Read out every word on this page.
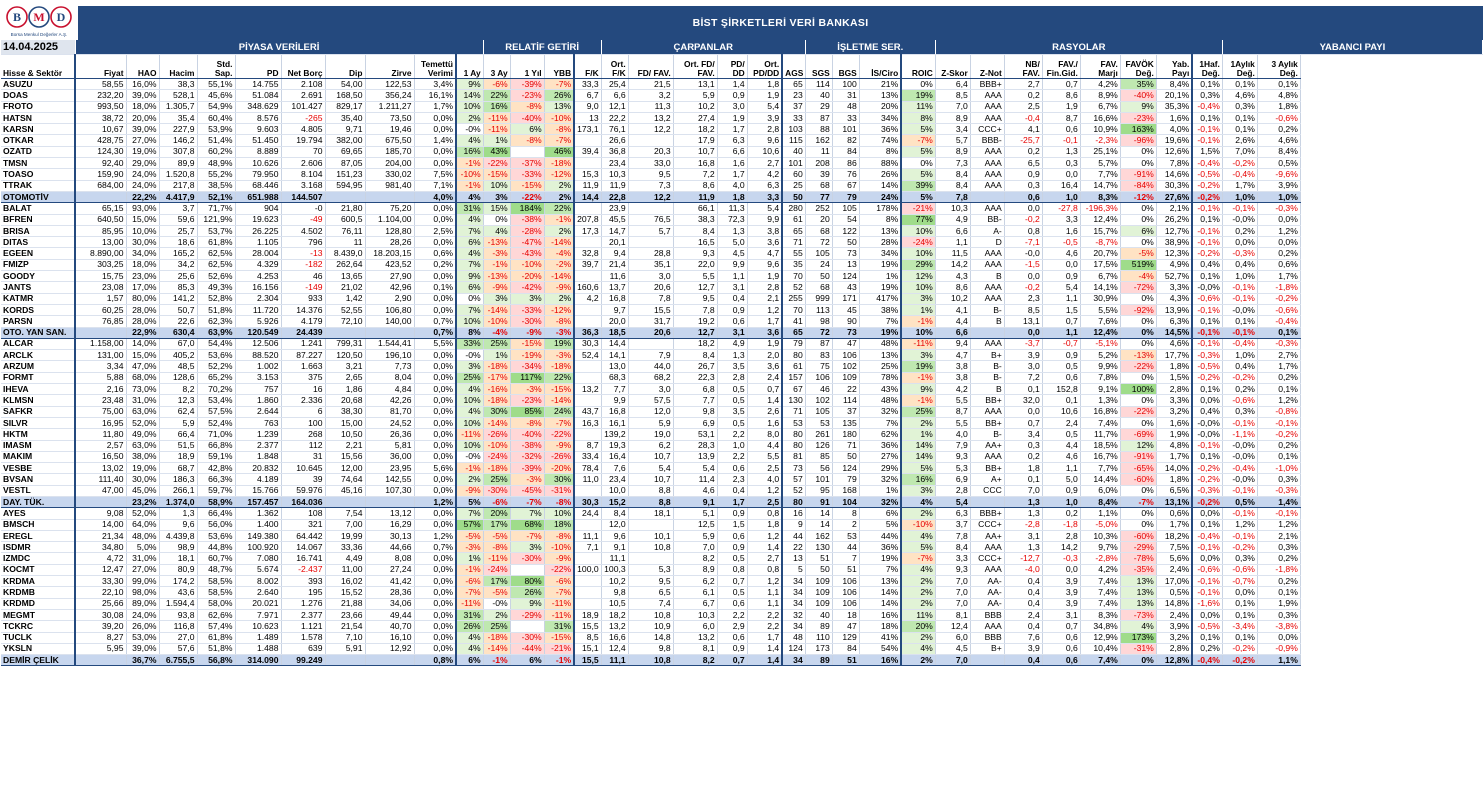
B M D
Borsa Menkul Değerler A.Ş.
BİST ŞİRKETLERİ VERİ BANKASI
14.04.2025	PİYASA VERİLERİ										RELATİF GETİRİ				ÇARPANLAR						İŞLETME SER.				RASYOLAR								YABANCI PAYI	
Hisse & Sektör	Fiyat	HAO	Hacim	Std. Sap.	PD	Net Borç	Dip	Zirve	Temettü Verimi	1 Ay	3 Ay	1 Yıl	YBB	F/K	Ort. F/K	FD/ FAV.	Ort. FD/ FAV.	PD/ DD	Ort. PD/DD	AGS	SGS	BGS	İS/Ciro	ROIC	Z-Skor	Z-Not	NB/ FAV.	FAV./ Fin.Gid.	FAV. Marjı	FAVÖK Değ.	Yab. Payı	1Haf. Değ.	1Aylık Değ.	3 Aylık Değ.
ASUZU	58,55	16,0%	38,3	55,1%	14.755	2.108	54,00	122,53	3,4%	9%	-6%	-39%	-7%	33,3	25,4	21,5	13,1	1,4	1,8	65	114	100	21%	0%	6,4	BBB+	2,7	0,7	4,2%	35%	8,4%	0,1%	0,1%	0,1%
DOAS	232,20	39,0%	528,1	45,6%	51.084	2.691	168,50	356,24	16,1%	14%	22%	-23%	26%	6,7	6,6	3,2	5,9	0,9	1,9	23	40	31	13%	19%	8,5	AAA	0,2	8,6	8,9%	-40%	20,1%	0,3%	4,6%	4,8%
FROTO	993,50	18,0%	1.305,7	54,9%	348.629	101.427	829,17	1.211,27	1,7%	10%	16%	-8%	13%	9,0	12,1	11,3	10,2	3,0	5,4	37	29	48	20%	11%	7,0	AAA	2,5	1,9	6,7%	9%	35,3%	-0,4%	0,3%	1,8%
HATSN	38,72	20,0%	35,4	60,4%	8.576	-265	35,40	73,50	0,0%	2%	-11%	-40%	-10%	13	22,2	13,2	27,4	1,9	3,9	33	87	33	34%	8%	8,9	AAA	-0,4	8,7	16,6%	-23%	1,6%	0,1%	0,1%	-0,6%
KARSN	10,67	39,0%	227,9	53,9%	9.603	4.805	9,71	19,46	0,0%	-0%	-11%	6%	-8%	173,1	76,1	12,2	18,2	1,7	2,8	103	88	101	36%	5%	3,4	CCC+	4,1	0,6	10,9%	163%	4,0%	-0,1%	0,1%	0,2%
OTKAR	428,75	27,0%	146,2	51,4%	51.450	19.794	382,00	675,50	1,4%	4%	1%	-8%	-7%		26,6		17,9	6,3	9,6	115	162	82	74%	-7%	5,7	BBB-	-25,7	-0,1	-2,3%	-96%	19,6%	-0,1%	2,6%	4,6%
OZATD	124,30	19,0%	307,8	60,2%	8.889	70	69,65	185,70	0,0%	16%	43%		46%	39,4	36,8	20,3	10,7	6,6	10,6	40	11	84	8%	5%	8,9	AAA	0,2	1,3	25,1%	0%	12,6%	1,5%	7,0%	8,4%
TMSN	92,40	29,0%	89,9	48,9%	10.626	2.606	87,05	204,00	0,0%	-1%	-22%	-37%	-18%		23,4	33,0	16,8	1,6	2,7	101	208	86	88%	0%	7,3	AAA	6,5	0,3	5,7%	0%	7,8%	-0,4%	-0,2%	0,5%
TOASO	159,90	24,0%	1.520,8	55,2%	79.950	8.104	151,23	330,02	7,5%	-10%	-15%	-33%	-12%	15,3	10,3	9,5	7,2	1,7	4,2	60	39	76	26%	5%	8,4	AAA	0,9	0,0	7,7%	-91%	14,6%	-0,5%	-0,4%	-9,6%
TTRAK	684,00	24,0%	217,8	38,5%	68.446	3.168	594,95	981,40	7,1%	-1%	10%	-15%	2%	11,9	11,9	7,3	8,6	4,0	6,3	25	68	67	14%	39%	8,4	AAA	0,3	16,4	14,7%	-84%	30,3%	-0,2%	1,7%	3,9%
OTOMOTİV		22,2%	4.417,9	52,1%	651.988	144.507			4,0%	4%	3%	-22%	2%	14,4	22,8	12,2	11,9	1,8	3,3	50	77	79	24%	5%	7,8		0,6	1,0	8,3%	-12%	27,6%	-0,2%	1,0%	1,0%
BALAT	65,15	93,0%	3,7	71,7%	904	-0	21,80	75,20	0,0%	31%	15%	184%	22%		23,9		66,1	11,3	5,4	280	252	105	178%	-21%	10,3	AAA	0,0	-27,8	-196,3%	0%	2,1%	-0,1%	-0,1%	-0,3%
BFREN	640,50	15,0%	59,6	121,9%	19.623	-49	600,5	1.104,00	0,0%	4%	0%	-38%	-1%	207,8	45,5	76,5	38,3	72,3	9,9	61	20	54	8%	77%	4,9	BB-	-0,2	3,3	12,4%	0%	26,2%	0,1%	-0,0%	0,0%
BRISA	85,95	10,0%	25,7	53,7%	26.225	4.502	76,11	128,80	2,5%	7%	4%	-28%	2%	17,3	14,7	5,7	8,4	1,3	3,8	65	68	122	13%	10%	6,6	A-	0,8	1,6	15,7%	6%	12,7%	-0,1%	0,2%	1,2%
DITAS	13,00	30,0%	18,6	61,8%	1.105	796	11	28,26	0,0%	6%	-13%	-47%	-14%		20,1		16,5	5,0	3,6	71	72	50	28%	-24%	1,1	D	-7,1	-0,5	-8,7%	0%	38,9%	-0,1%	0,0%	0,0%
EGEEN	8.890,00	34,0%	165,2	62,5%	28.004	-13	8.439,0	18.203,15	0,6%	4%	-3%	-43%	-4%	32,8	9,4	28,8	9,3	4,5	4,7	55	105	73	34%	10%	11,5	AAA	-0,0	4,6	20,7%	-5%	12,3%	-0,2%	-0,3%	0,2%
FMIZP	303,25	18,0%	34,2	62,5%	4.329	-182	262,64	423,52	0,2%	7%	-1%	-10%	-2%	39,7	21,4	35,1	22,0	9,9	9,6	35	24	13	19%	29%	14,2	AAA	-1,5	0,0	17,5%	519%	4,9%	0,4%	0,4%	0,6%
GOODY	15,75	23,0%	25,6	52,6%	4.253	46	13,65	27,90	0,0%	9%	-13%	-20%	-14%		11,6	3,0	5,5	1,1	1,9	70	50	124	1%	12%	4,3	B	0,0	0,9	6,7%	-4%	52,7%	0,1%	1,0%	1,7%
JANTS	23,08	17,0%	85,3	49,3%	16.156	-149	21,02	42,96	0,1%	6%	-9%	-42%	-9%	160,6	13,7	20,6	12,7	3,1	2,8	52	68	43	19%	10%	8,6	AAA	-0,2	5,4	14,1%	-72%	3,3%	-0,0%	-0,1%	-1,8%
KATMR	1,57	80,0%	141,2	52,8%	2.304	933	1,42	2,90	0,0%	0%	3%	3%	2%	4,2	16,8	7,8	9,5	0,4	2,1	255	999	171	417%	3%	10,2	AAA	2,3	1,1	30,9%	0%	4,3%	-0,6%	-0,1%	-0,2%
KORDS	60,25	28,0%	50,7	51,8%	11.720	14.376	52,55	106,80	0,0%	7%	-14%	-33%	-12%		9,7	15,5	7,8	0,9	1,2	70	113	45	38%	1%	4,1	B-	8,5	1,5	5,5%	-92%	13,9%	-0,1%	-0,0%	-0,6%
PARSN	76,85	28,0%	22,6	62,3%	5.926	4.179	72,10	140,00	0,7%	10%	-10%	-30%	-8%		20,0	31,7	19,2	0,6	1,7	41	98	90	7%	-1%	4,4	B	13,1	0,7	7,6%	0%	6,3%	0,1%	0,1%	-0,4%
OTO. YAN SAN.		22,9%	630,4	63,9%	120.549	24.439			0,7%	8%	-4%	-9%	-3%	36,3	18,5	20,6	12,7	3,1	3,6	65	72	73	19%	10%	6,6		0,0	1,1	12,4%	0%	14,5%	-0,1%	-0,1%	0,1%
ALCAR	1.158,00	14,0%	67,0	54,4%	12.506	1.241	799,31	1.544,41	5,5%	33%	25%	-15%	19%	30,3	14,4		18,2	4,9	1,9	79	87	47	48%	-11%	9,4	AAA	-3,7	-0,7	-5,1%	0%	4,6%	-0,1%	-0,4%	-0,3%
ARCLK	131,00	15,0%	405,2	53,6%	88.520	87.227	120,50	196,10	0,0%	-0%	1%	-19%	-3%	52,4	14,1	7,9	8,4	1,3	2,0	80	83	106	13%	3%	4,7	B+	3,9	0,9	5,2%	-13%	17,7%	-0,3%	1,0%	2,7%
ARZUM	3,34	47,0%	48,5	52,2%	1.002	1.663	3,21	7,73	0,0%	3%	-18%	-34%	-18%		13,0	44,0	26,7	3,5	3,6	61	75	102	25%	19%	3,8	B-	3,0	0,5	9,9%	-22%	1,8%	-0,5%	0,4%	1,7%
FORMT	5,88	68,0%	128,6	65,2%	3.153	375	2,65	8,04	0,0%	25%	-17%	117%	22%		68,3	68,2	22,3	2,8	2,4	157	106	109	78%	-1%	3,8	B-	7,2	0,6	7,8%	0%	1,5%	-0,2%	-0,2%	0,2%
IHEVA	2,16	73,0%	8,2	70,2%	757	16	1,86	4,84	0,0%	4%	-16%	-3%	-15%	13,2	7,7	3,0	6,8	0,5	0,7	67	46	22	43%	9%	4,2	B	0,1	152,8	9,1%	100%	2,8%	0,1%	0,2%	0,1%
KLMSN	23,48	31,0%	12,3	53,4%	1.860	2.336	20,68	42,26	0,0%	10%	-18%	-23%	-14%		9,9	57,5	7,7	0,5	1,4	130	102	114	48%	-1%	5,5	BB+	32,0	0,1	1,3%	0%	3,3%	0,0%	-0,6%	1,2%
SAFKR	75,00	63,0%	62,4	57,5%	2.644	6	38,30	81,70	0,0%	4%	30%	85%	24%	43,7	16,8	12,0	9,8	3,5	2,6	71	105	37	32%	25%	8,7	AAA	0,0	10,6	16,8%	-22%	3,2%	0,4%	0,3%	-0,8%
SILVR	16,95	52,0%	5,9	52,4%	763	100	15,00	24,52	0,0%	10%	-14%	-8%	-7%	16,3	16,1	5,9	6,9	0,5	1,6	53	53	135	7%	2%	5,5	BB+	0,7	2,4	7,4%	0%	1,6%	-0,0%	-0,1%	-0,1%
HKTM	11,80	49,0%	66,4	71,0%	1.239	268	10,50	26,36	0,0%	-11%	-26%	-40%	-22%		139,2	19,0	53,1	2,2	8,0	80	261	180	62%	1%	4,0	B-	3,4	0,5	11,7%	-69%	1,9%	-0,0%	-1,1%	-0,2%
IMASM	2,57	63,0%	51,5	66,8%	2.377	112	2,21	5,81	0,0%	10%	-10%	-38%	-9%	8,7	19,3	6,2	28,3	1,0	4,4	80	126	71	36%	14%	7,9	AA+	0,3	4,4	18,5%	12%	4,8%	-0,1%	-0,0%	0,2%
MAKIM	16,50	38,0%	18,9	59,1%	1.848	31	15,56	36,00	0,0%	-0%	-24%	-32%	-26%	33,4	16,4	10,7	13,9	2,2	5,5	81	85	50	27%	14%	9,3	AAA	0,2	4,6	16,7%	-91%	1,7%	0,1%	-0,0%	0,1%
VESBE	13,02	19,0%	68,7	42,8%	20.832	10.645	12,00	23,95	5,6%	-1%	-18%	-39%	-20%	78,4	7,6	5,4	5,4	0,6	2,5	73	56	124	29%	5%	5,3	BB+	1,8	1,1	7,7%	-65%	14,0%	-0,2%	-0,4%	-1,0%
BVSAN	111,40	30,0%	186,3	66,3%	4.189	39	74,64	142,55	0,0%	2%	25%	-3%	30%	11,0	23,4	10,7	11,4	2,3	4,0	57	101	79	32%	16%	6,9	A+	0,1	5,0	14,4%	-60%	1,8%	-0,2%	-0,0%	0,3%
VESTL	47,00	45,0%	266,1	59,7%	15.766	59.976	45,16	107,30	0,0%	-9%	-30%	-45%	-31%		10,0	8,8	4,6	0,4	1,2	52	95	168	1%	3%	2,8	CCC	7,0	0,9	6,0%	0%	6,5%	-0,3%	-0,1%	-0,3%
DAY. TÜK.		23,2%	1.374,0	58,9%	157.457	164.036			1,2%	5%	-6%	-7%	-8%	30,3	15,2	8,8	9,1	1,7	2,5	80	91	104	32%	4%	5,4		1,3	1,0	8,4%	-7%	13,1%	-0,2%	0,5%	1,4%
AYES	9,08	52,0%	1,3	66,4%	1.362	108	7,54	13,12	0,0%	7%	20%	7%	10%	24,4	8,4	18,1	5,1	0,9	0,8	16	14	8	6%	2%	6,3	BBB+	1,3	0,2	1,1%	0%	0,6%	0,0%	-0,1%	-0,1%
BMSCH	14,00	64,0%	9,6	56,0%	1.400	321	7,00	16,29	0,0%	57%	17%	68%	18%		12,0		12,5	1,5	1,8	9	14	2	5%	-10%	3,7	CCC+	-2,8	-1,8	-5,0%	0%	1,7%	0,1%	1,2%	1,2%
EREGL	21,34	48,0%	4.439,8	53,6%	149.380	64.442	19,99	30,13	1,2%	-5%	-5%	-7%	-8%	11,1	9,6	10,1	5,9	0,6	1,2	44	162	53	44%	4%	7,8	AA+	3,1	2,8	10,3%	-60%	18,2%	-0,4%	-0,1%	2,1%
ISDMR	34,80	5,0%	98,9	44,8%	100.920	14.067	33,36	44,66	0,7%	-3%	-8%	3%	-10%	7,1	9,1	10,8	7,0	0,9	1,4	22	130	44	36%	5%	8,4	AAA	1,3	14,2	9,7%	-29%	7,5%	-0,1%	-0,2%	0,3%
IZMDC	4,72	31,0%	18,1	60,7%	7.080	16.741	4,49	8,08	0,0%	1%	-11%	-30%	-9%		11,1		8,2	0,5	2,7	13	51	7	19%	-7%	3,3	CCC+	-12,7	-0,3	-2,8%	-78%	5,6%	0,0%	0,3%	0,2%
KOCMT	12,47	27,0%	80,9	48,7%	5.674	-2.437	11,00	27,24	0,0%	-1%	-24%		-22%	100,0	100,3	5,3	8,9	0,8	0,8	5	50	51	7%	4%	9,3	AAA	-4,0	0,0	4,2%	-35%	2,4%	-0,6%	-0,6%	-1,8%
KRDMA	33,30	99,0%	174,2	58,5%	8.002	393	16,02	41,42	0,0%	-6%	17%	80%	-6%		10,2	9,5	6,2	0,7	1,2	34	109	106	13%	2%	7,0	AA-	0,4	3,9	7,4%	13%	17,0%	-0,1%	-0,7%	0,2%
KRDMB	22,10	98,0%	43,6	58,5%	2.640	195	15,52	28,36	0,0%	-7%	-5%	26%	-7%		9,8	6,5	6,1	0,5	1,1	34	109	106	14%	2%	7,0	AA-	0,4	3,9	7,4%	13%	0,5%	-0,1%	0,0%	0,1%
KRDMD	25,66	89,0%	1.594,4	58,0%	20.021	1.276	21,88	34,06	0,0%	-11%	-0%	9%	-11%		10,5	7,4	6,7	0,6	1,1	34	109	106	14%	2%	7,0	AA-	0,4	3,9	7,4%	13%	14,8%	-1,6%	0,1%	1,9%
MEGMT	30,08	24,0%	93,8	62,6%	7.971	2.377	23,66	49,44	0,0%	31%	2%	-29%	-11%	18,9	18,2	10,8	10,3	2,2	2,2	32	40	18	16%	11%	8,1	BBB	2,4	3,1	8,3%	-73%	2,4%	0,0%	0,1%	0,3%
TCKRC	39,20	26,0%	116,8	57,4%	10.623	1.121	21,54	40,70	0,0%	26%	25%		31%	15,5	13,2	10,9	6,0	2,9	2,2	34	89	47	18%	20%	12,4	AAA	0,4	0,7	34,8%	4%	3,9%	-0,5%	-3,4%	-3,8%
TUCLK	8,27	53,0%	27,0	61,8%	1.489	1.578	7,10	16,10	0,0%	4%	-18%	-30%	-15%	8,5	16,6	14,8	13,2	0,6	1,7	48	110	129	41%	2%	6,0	BBB	7,6	0,6	12,9%	173%	3,2%	0,1%	0,1%	0,0%
YKSLN	5,95	39,0%	57,6	51,8%	1.488	639	5,91	12,92	0,0%	4%	-14%	-44%	-21%	15,1	12,4	9,8	8,1	0,9	1,4	124	173	84	54%	4%	4,5	B+	3,9	0,6	10,4%	-31%	2,8%	0,2%	-0,2%	-0,9%
DEMİR ÇELİK		36,7%	6.755,5	56,8%	314.090	99.249			0,8%	6%	-1%	6%	-1%	15,5	11,1	10,8	8,2	0,7	1,4	34	89	51	16%	2%	7,0		0,4	0,6	7,4%	0%	12,8%	-0,4%	-0,2%	1,1%
